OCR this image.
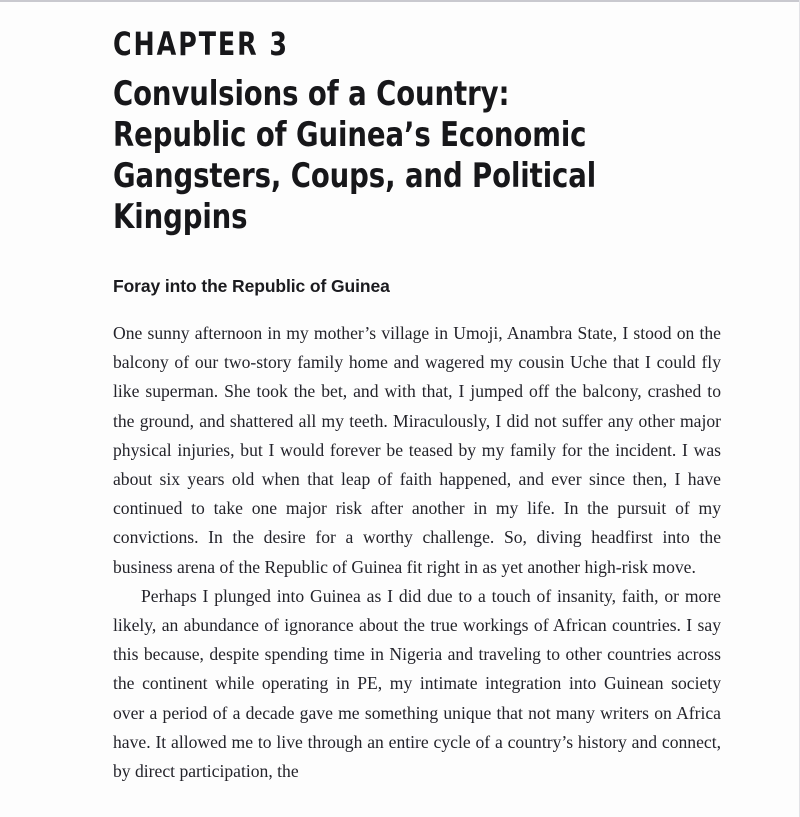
CHAPTER 3
Convulsions of a Country: Republic of Guinea’s Economic Gangsters, Coups, and Political Kingpins
Foray into the Republic of Guinea

One sunny afternoon in my mother’s village in Umoji, Anambra State, I stood on the balcony of our two-story family home and wagered my cousin Uche that I could fly like superman. She took the bet, and with that, I jumped off the balcony, crashed to the ground, and shattered all my teeth. Miraculously, I did not suffer any other major physical injuries, but I would forever be teased by my family for the incident. I was about six years old when that leap of faith happened, and ever since then, I have continued to take one major risk after another in my life. In the pursuit of my convictions. In the desire for a worthy challenge. So, diving headfirst into the business arena of the Republic of Guinea fit right in as yet another high-risk move.

Perhaps I plunged into Guinea as I did due to a touch of insanity, faith, or more likely, an abundance of ignorance about the true workings of African countries. I say this because, despite spending time in Nigeria and traveling to other countries across the continent while operating in PE, my intimate integration into Guinean society over a period of a decade gave me something unique that not many writers on Africa have. It allowed me to live through an entire cycle of a country’s history and connect, by direct participation, the
